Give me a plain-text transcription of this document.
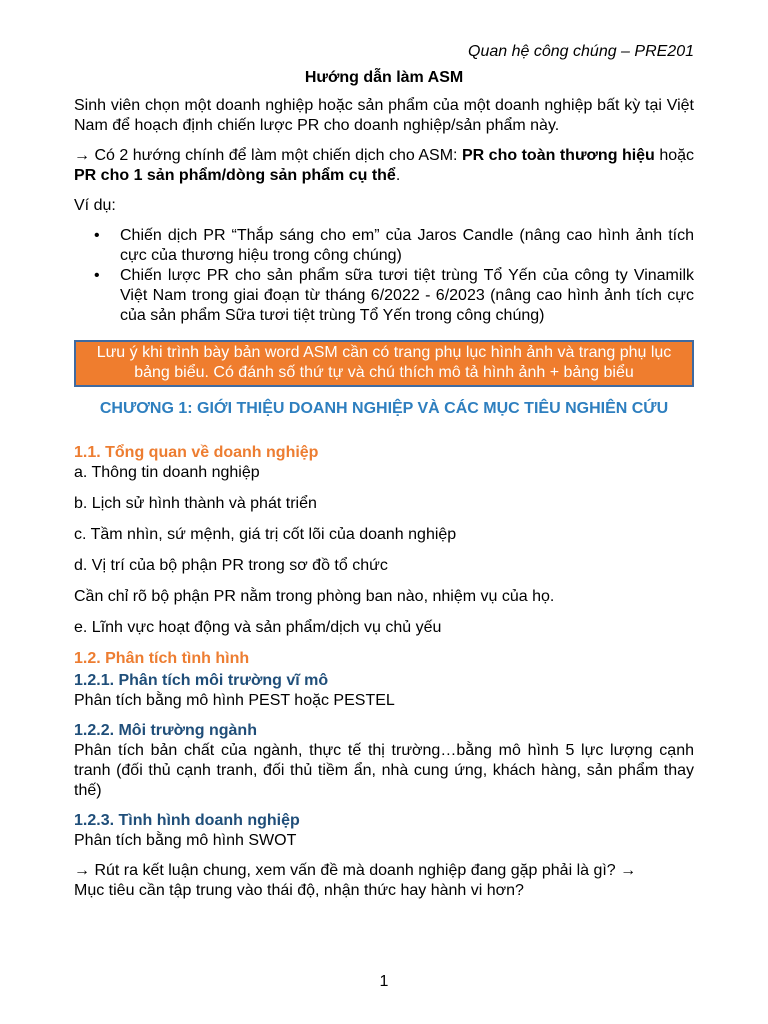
Quan hệ công chúng – PRE201
Hướng dẫn làm ASM

Sinh viên chọn một doanh nghiệp hoặc sản phẩm của một doanh nghiệp bất kỳ tại Việt Nam để hoạch định chiến lược PR cho doanh nghiệp/sản phẩm này.

→ Có 2 hướng chính để làm một chiến dịch cho ASM: PR cho toàn thương hiệu hoặc PR cho 1 sản phẩm/dòng sản phẩm cụ thể.

Ví dụ:

• Chiến dịch PR “Thắp sáng cho em” của Jaros Candle (nâng cao hình ảnh tích cực của thương hiệu trong công chúng)
• Chiến lược PR cho sản phẩm sữa tươi tiệt trùng Tổ Yến của công ty Vinamilk Việt Nam trong giai đoạn từ tháng 6/2022 - 6/2023 (nâng cao hình ảnh tích cực của sản phẩm Sữa tươi tiệt trùng Tổ Yến trong công chúng)
Lưu ý khi trình bày bản word ASM cần có trang phụ lục hình ảnh và trang phụ lục bảng biểu. Có đánh số thứ tự và chú thích mô tả hình ảnh + bảng biểu

CHƯƠNG 1: GIỚI THIỆU DOANH NGHIỆP VÀ CÁC MỤC TIÊU NGHIÊN CỨU

1.1. Tổng quan về doanh nghiệp

a. Thông tin doanh nghiệp

b. Lịch sử hình thành và phát triển

c. Tầm nhìn, sứ mệnh, giá trị cốt lõi của doanh nghiệp

d. Vị trí của bộ phận PR trong sơ đồ tổ chức

Cần chỉ rõ bộ phận PR nằm trong phòng ban nào, nhiệm vụ của họ.

e. Lĩnh vực hoạt động và sản phẩm/dịch vụ chủ yếu

1.2. Phân tích tình hình

1.2.1. Phân tích môi trường vĩ mô

Phân tích bằng mô hình PEST hoặc PESTEL

1.2.2. Môi trường ngành

Phân tích bản chất của ngành, thực tế thị trường…bằng mô hình 5 lực lượng cạnh tranh (đối thủ cạnh tranh, đối thủ tiềm ẩn, nhà cung ứng, khách hàng, sản phẩm thay thế)

1.2.3. Tình hình doanh nghiệp

Phân tích bằng mô hình SWOT

→ Rút ra kết luận chung, xem vấn đề mà doanh nghiệp đang gặp phải là gì? →
Mục tiêu cần tập trung vào thái độ, nhận thức hay hành vi hơn?

1
